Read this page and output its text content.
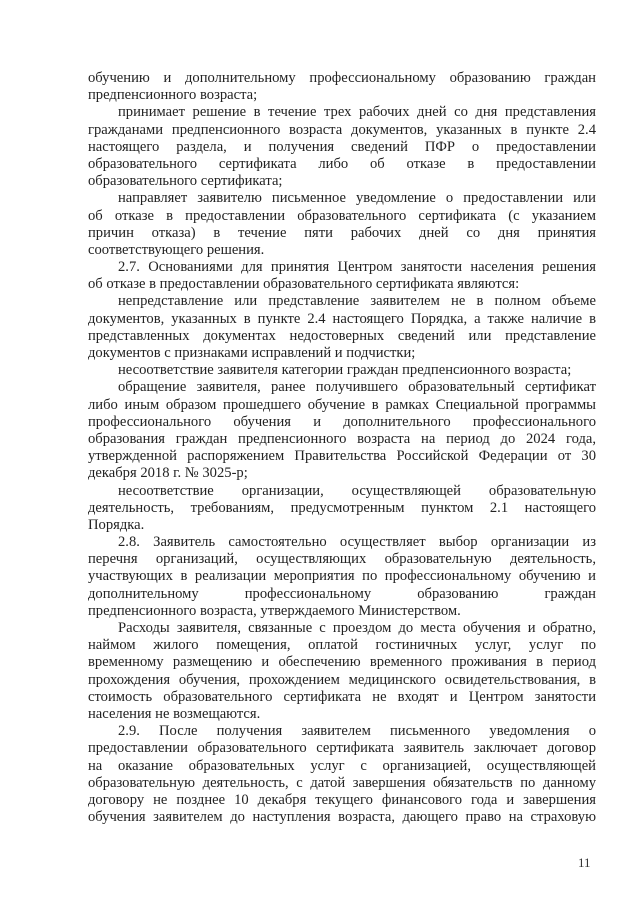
обучению и дополнительному профессиональному образованию граждан
предпенсионного возраста;
принимает решение в течение трех рабочих дней со дня представления
гражданами предпенсионного возраста документов, указанных в пункте 2.4
настоящего раздела, и получения сведений ПФР о предоставлении
образовательного сертификата либо об отказе в предоставлении
образовательного сертификата;
направляет заявителю письменное уведомление о предоставлении или
об отказе в предоставлении образовательного сертификата (с указанием
причин отказа) в течение пяти рабочих дней со дня принятия
соответствующего решения.
2.7. Основаниями для принятия Центром занятости населения решения
об отказе в предоставлении образовательного сертификата являются:
непредставление или представление заявителем не в полном объеме
документов, указанных в пункте 2.4 настоящего Порядка, а также наличие в
представленных документах недостоверных сведений или представление
документов с признаками исправлений и подчистки;
несоответствие заявителя категории граждан предпенсионного возраста;
обращение заявителя, ранее получившего образовательный сертификат
либо иным образом прошедшего обучение в рамках Специальной программы
профессионального обучения и дополнительного профессионального
образования граждан предпенсионного возраста на период до 2024 года,
утвержденной распоряжением Правительства Российской Федерации от 30
декабря 2018 г. № 3025-р;
несоответствие организации, осуществляющей образовательную
деятельность, требованиям, предусмотренным пунктом 2.1 настоящего
Порядка.
2.8. Заявитель самостоятельно осуществляет выбор организации из
перечня организаций, осуществляющих образовательную деятельность,
участвующих в реализации мероприятия по профессиональному обучению и
дополнительному профессиональному образованию граждан
предпенсионного возраста, утверждаемого Министерством.
Расходы заявителя, связанные с проездом до места обучения и обратно,
наймом жилого помещения, оплатой гостиничных услуг, услуг по
временному размещению и обеспечению временного проживания в период
прохождения обучения, прохождением медицинского освидетельствования, в
стоимость образовательного сертификата не входят и Центром занятости
населения не возмещаются.
2.9. После получения заявителем письменного уведомления о
предоставлении образовательного сертификата заявитель заключает договор
на оказание образовательных услуг с организацией, осуществляющей
образовательную деятельность, с датой завершения обязательств по данному
договору не позднее 10 декабря текущего финансового года и завершения
обучения заявителем до наступления возраста, дающего право на страховую
11
